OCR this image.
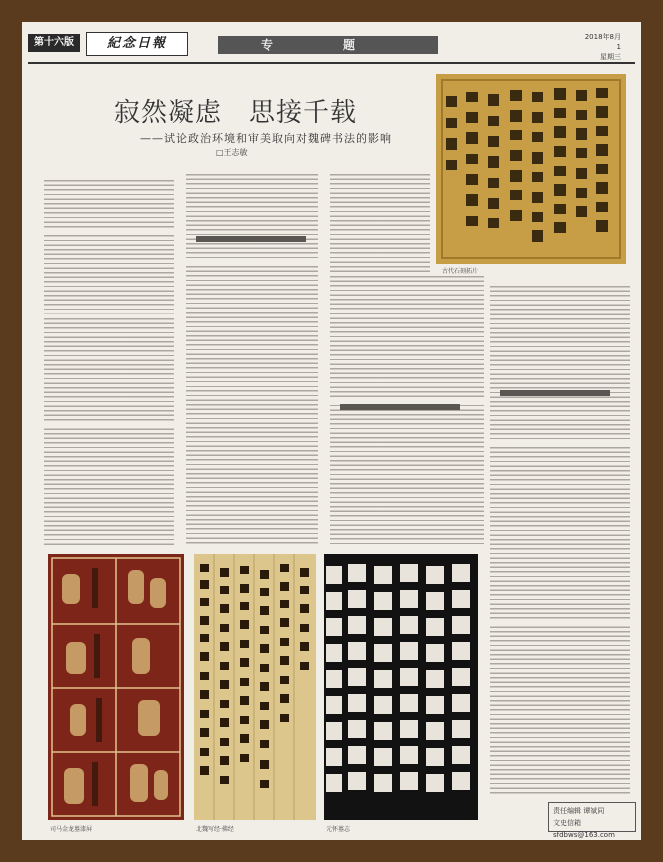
第十六版	紀念日報	专题
2018年8月
1
星期三
寂然凝虑　思接千载
——试论政治环境和审美取向对魏碑书法的影响
□王志敏
古代石刻拓片
司马金龙墓漆屏	北魏写经·佛经	元怀墓志
责任编辑 谭斌同
文史信箱 sfdbws@163.com
